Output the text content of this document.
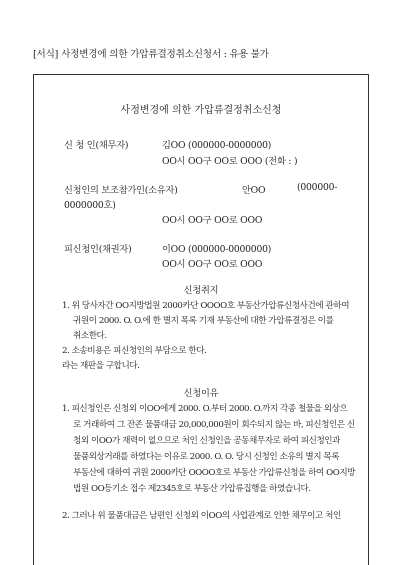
[서식] 사정변경에 의한 가압류결정취소신청서 : 유용 불가
사정변경에 의한 가압류결정취소신청
신 청 인(채무자)	김OO (000000-0000000)
OO시 OO구 OO로 OOO (전화 : )
신청인의 보조참가인(소유자)	안OO	(000000-
0000000호)
OO시 OO구 OO로 OOO
피신청인(채권자)	이OO (000000-0000000)
OO시 OO구 OO로 OOO
신청취지
1. 위 당사자간 OO지방법원 2000카단 OOOO호 부동산가압류신청사건에 관하여
귀원이 2000. O. O.에 한 별지 목록 기재 부동산에 대한 가압류결정은 이를
취소한다.
2. 소송비용은 피신청인의 부담으로 한다.
라는 재판을 구합니다.
신청이유
1. 피신청인은 신청외 이OO에게 2000. O.부터 2000. O.까지 각종 철물을 외상으
로 거래하여 그 잔존 물품대금 20,000,000원이 회수되지 않는 바, 피신청인은 신
청외 이OO가 재력이 없으므로 처인 신청인을 공동채무자로 하여 피신청인과
물품외상거래를 하였다는 이유로 2000. O. O. 당시 신청인 소유의 별지 목록
부동산에 대하여 귀원 2000카단 OOOO호로 부동산 가압류신청을 하여 OO지방
법원 OO등기소 접수 제2345호로 부동산 가압류집행을 하였습니다.
2. 그러나 위 물품대금은 남편인 신청외 이OO의 사업관계로 인한 채무이고 처인
